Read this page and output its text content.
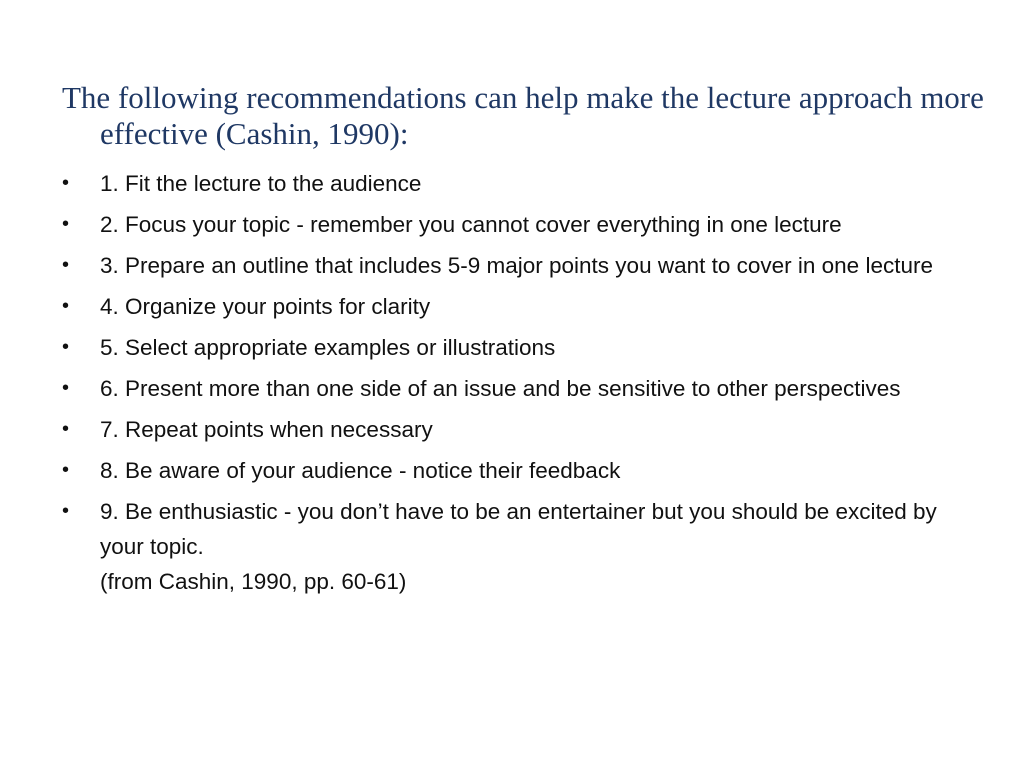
The following recommendations can help make the lecture approach more effective (Cashin, 1990):
•	1. Fit the lecture to the audience
•	2. Focus your topic - remember you cannot cover everything in one lecture
•	3. Prepare an outline that includes 5-9 major points you want to cover in one lecture
•	4. Organize your points for clarity
•	5. Select appropriate examples or illustrations
•	6. Present more than one side of an issue and be sensitive to other perspectives
•	7. Repeat points when necessary
•	8. Be aware of your audience - notice their feedback
•	9. Be enthusiastic - you don’t have to be an entertainer but you should be excited by your topic.
(from Cashin, 1990, pp. 60-61)
